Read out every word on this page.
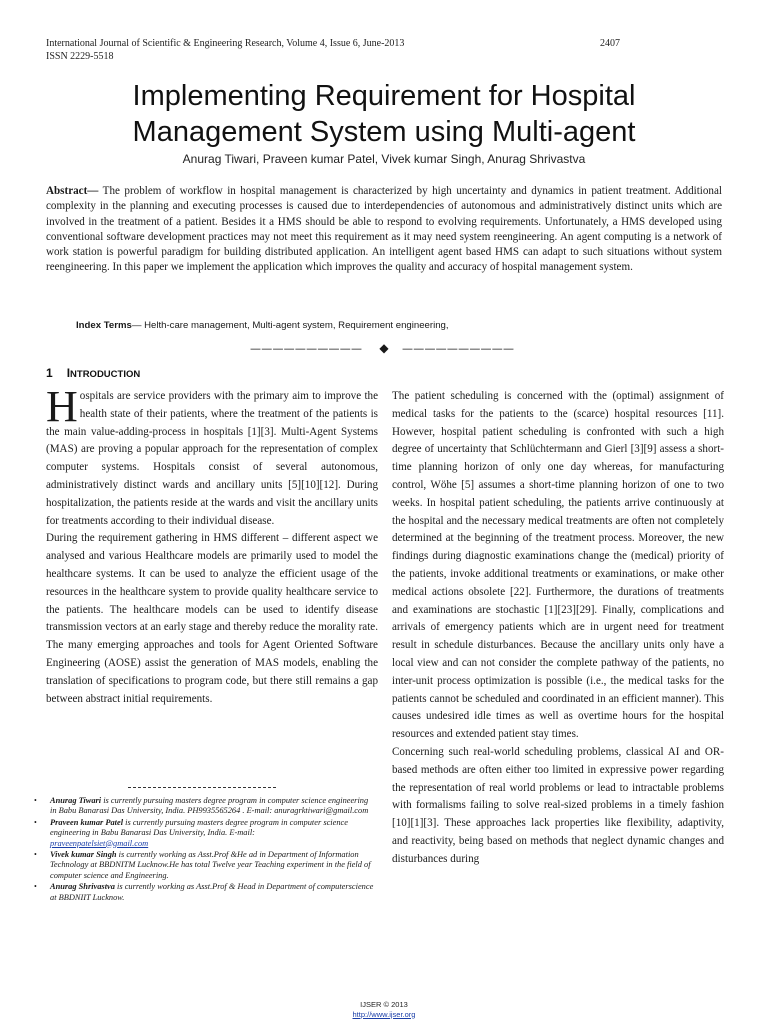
International Journal of Scientific & Engineering Research, Volume 4, Issue 6, June-2013	2407
ISSN 2229-5518
Implementing Requirement for Hospital
Management System using Multi-agent
Anurag Tiwari, Praveen kumar Patel, Vivek kumar Singh, Anurag Shrivastva
Abstract— The problem of workflow in hospital management is characterized by high uncertainty and dynamics in patient treatment. Additional complexity in the planning and executing processes is caused due to interdependencies of autonomous and administratively distinct units which are involved in the treatment of a patient. Besides it a HMS should be able to respond to evolving requirements. Unfortunately, a HMS developed using conventional software development practices may not meet this requirement as it may need system reengineering. An agent computing is a network of work station is powerful paradigm for building distributed application. An intelligent agent based HMS can adapt to such situations without system reengineering. In this paper we implement the application which improves the quality and accuracy of hospital management system.
Index Terms— Helth-care management, Multi-agent system, Requirement engineering,
—————————— ◆ ——————————
1 INTRODUCTION

Hospitals are service providers with the primary aim to improve the health state of their patients, where the treatment of the patients is the main value-adding-process in hospitals [1][3]. Multi-Agent Systems (MAS) are proving a popular approach for the representation of complex computer systems. Hospitals consist of several autonomous, administratively distinct wards and ancillary units [5][10][12]. During hospitalization, the patients reside at the wards and visit the ancillary units for treatments according to their individual disease.

During the requirement gathering in HMS different – different aspect we analysed and various Healthcare models are primarily used to model the healthcare systems. It can be used to analyze the efficient usage of the resources in the healthcare system to provide quality healthcare service to the patients. The healthcare models can be used to identify disease transmission vectors at an early stage and thereby reduce the morality rate. The many emerging approaches and tools for Agent Oriented Software Engineering (AOSE) assist the generation of MAS models, enabling the translation of specifications to program code, but there still remains a gap between abstract initial requirements.

• Anurag Tiwari is currently pursuing masters degree program in computer science engineering in Babu Banarasi Das University, India. PH9935565264 . E-mail: anuragrktiwari@gmail.com
• Praveen kumar Patel is currently pursuing masters degree program in computer science engineering in Babu Banarasi Das University, India. E-mail:
praveenpatelsiet@gmail.com
• Vivek kumar Singh is currently working as Asst.Prof &He ad in Department of Information Technology at BBDNITM Lucknow.He has total Twelve year Teaching experiment in the field of computer science and Engineering.
• Anurag Shrivastva is currently working as Asst.Prof & Head in Department of computerscience at BBDNIIT Lucknow.

The patient scheduling is concerned with the (optimal) assignment of medical tasks for the patients to the (scarce) hospital resources [11]. However, hospital patient scheduling is confronted with such a high degree of uncertainty that Schlüchtermann and Gierl [3][9] assess a short-time planning horizon of only one day whereas, for manufacturing control, Wöhe [5] assumes a short-time planning horizon of one to two weeks. In hospital patient scheduling, the patients arrive continuously at the hospital and the necessary medical treatments are often not completely determined at the beginning of the treatment process. Moreover, the new findings during diagnostic examinations change the (medical) priority of the patients, invoke additional treatments or examinations, or make other medical actions obsolete [22]. Furthermore, the durations of treatments and examinations are stochastic [1][23][29]. Finally, complications and arrivals of emergency patients which are in urgent need for treatment result in schedule disturbances. Because the ancillary units only have a local view and can not consider the complete pathway of the patients, no inter-unit process optimization is possible (i.e., the medical tasks for the patients cannot be scheduled and coordinated in an efficient manner). This causes undesired idle times as well as overtime hours for the hospital resources and extended patient stay times.

Concerning such real-world scheduling problems, classical AI and OR-based methods are often either too limited in expressive power regarding the representation of real world problems or lead to intractable problems with formalisms failing to solve real-sized problems in a timely fashion [10][1][3]. These approaches lack properties like flexibility, adaptivity, and reactivity, being based on methods that neglect dynamic changes and disturbances during

IJSER © 2013
http://www.ijser.org
